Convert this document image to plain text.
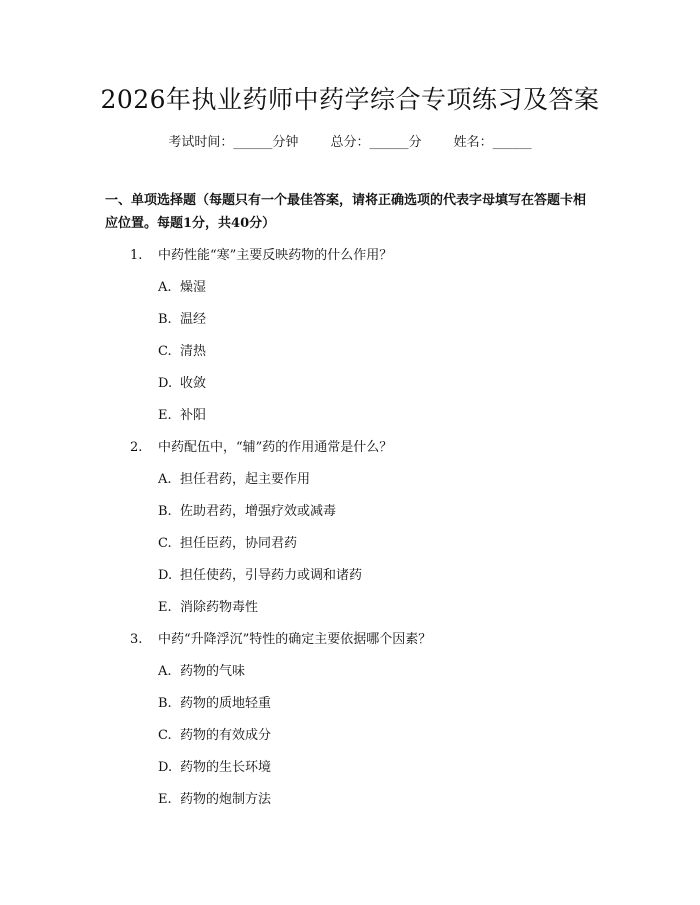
2026年执业药师中药学综合专项练习及答案
考试时间：______分钟 总分：______分 姓名：______
一、单项选择题（每题只有一个最佳答案，请将正确选项的代表字母填写在答题卡相应位置。每题1分，共40分）
1. 中药性能“寒”主要反映药物的什么作用？
A. 燥湿
B. 温经
C. 清热
D. 收敛
E. 补阳
2. 中药配伍中，“辅”药的作用通常是什么？
A. 担任君药，起主要作用
B. 佐助君药，增强疗效或减毒
C. 担任臣药，协同君药
D. 担任使药，引导药力或调和诸药
E. 消除药物毒性
3. 中药“升降浮沉”特性的确定主要依据哪个因素？
A. 药物的气味
B. 药物的质地轻重
C. 药物的有效成分
D. 药物的生长环境
E. 药物的炮制方法
